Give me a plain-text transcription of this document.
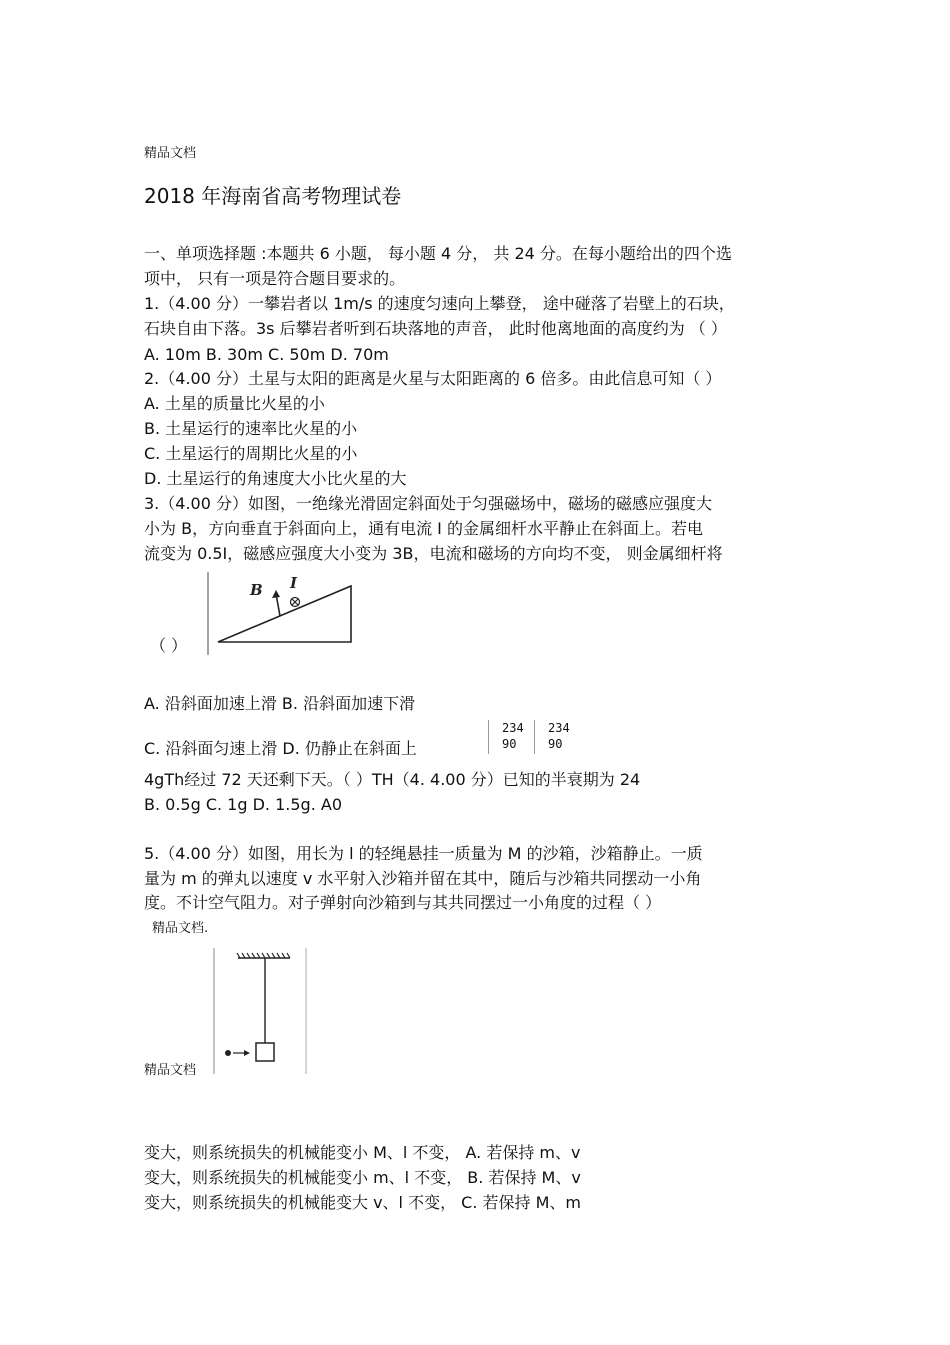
精品文档
2018 年海南省高考物理试卷
一、单项选择题 :本题共 6 小题， 每小题 4 分， 共 24 分。在每小题给出的四个选
项中， 只有一项是符合题目要求的。
1.（4.00 分）一攀岩者以 1m/s 的速度匀速向上攀登， 途中碰落了岩壁上的石块，
石块自由下落。3s 后攀岩者听到石块落地的声音， 此时他离地面的高度约为 （ ）
A. 10m B. 30m C. 50m D. 70m
2.（4.00 分）土星与太阳的距离是火星与太阳距离的 6 倍多。由此信息可知（ ）
A. 土星的质量比火星的小
B. 土星运行的速率比火星的小
C. 土星运行的周期比火星的小
D. 土星运行的角速度大小比火星的大
3.（4.00 分）如图，一绝缘光滑固定斜面处于匀强磁场中，磁场的磁感应强度大
小为 B，方向垂直于斜面向上，通有电流 I 的金属细杆水平静止在斜面上。若电
流变为 0.5I，磁感应强度大小变为 3B，电流和磁场的方向均不变， 则金属细杆将
B I
（ ）
A. 沿斜面加速上滑 B. 沿斜面加速下滑
C. 沿斜面匀速上滑 D. 仍静止在斜面上
234
90
234
90
4gTh经过 72 天还剩下天。（ ）TH（4. 4.00 分）已知的半衰期为 24
B. 0.5g C. 1g D. 1.5g. A0
5.（4.00 分）如图，用长为 l 的轻绳悬挂一质量为 M 的沙箱，沙箱静止。一质
量为 m 的弹丸以速度 v 水平射入沙箱并留在其中，随后与沙箱共同摆动一小角
度。不计空气阻力。对子弹射向沙箱到与其共同摆过一小角度的过程（ ）
精品文档.
精品文档
变大，则系统损失的机械能变小 M、l 不变， A. 若保持 m、v
变大，则系统损失的机械能变小 m、l 不变， B. 若保持 M、v
变大，则系统损失的机械能变大 v、l 不变， C. 若保持 M、m
